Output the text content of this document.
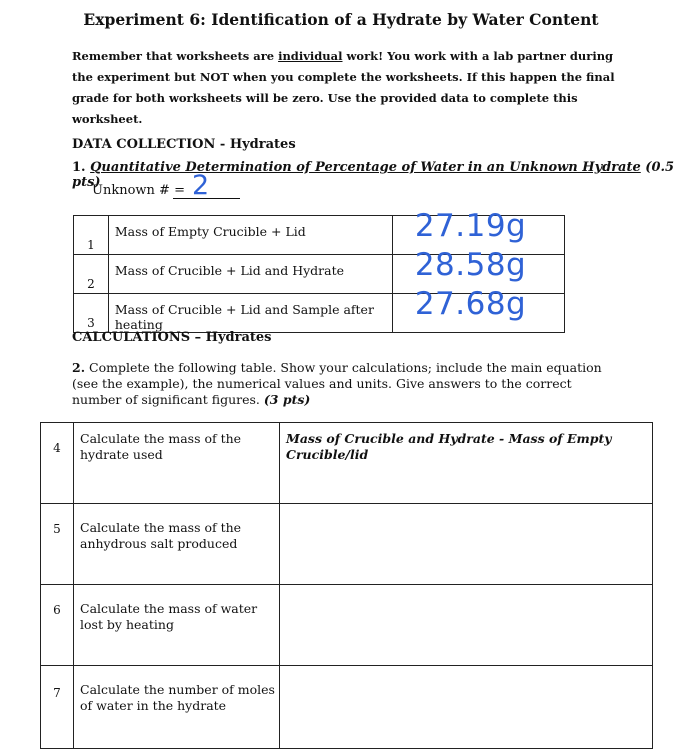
Experiment 6: Identification of a Hydrate by Water Content
Remember that worksheets are individual work! You work with a lab partner during the experiment but NOT when you complete the worksheets. If this happen the final grade for both worksheets will be zero. Use the provided data to complete this worksheet.
DATA COLLECTION - Hydrates
1. Quantitative Determination of Percentage of Water in an Unknown Hydrate (0.5 pts)
Unknown # = 2
1	Mass of Empty Crucible + Lid	27.19g

2	Mass of Crucible + Lid and Hydrate	28.58g

3	Mass of Crucible + Lid and Sample after heating	27.68g
CALCULATIONS – Hydrates
2. Complete the following table. Show your calculations; include the main equation (see the example), the numerical values and units. Give answers to the correct number of significant figures. (3 pts)
4	Calculate the mass of the hydrate used	Mass of Crucible and Hydrate - Mass of Empty Crucible/lid
5	Calculate the mass of the anhydrous salt produced	
6	Calculate the mass of water lost by heating	
7	Calculate the number of moles of water in the hydrate	
